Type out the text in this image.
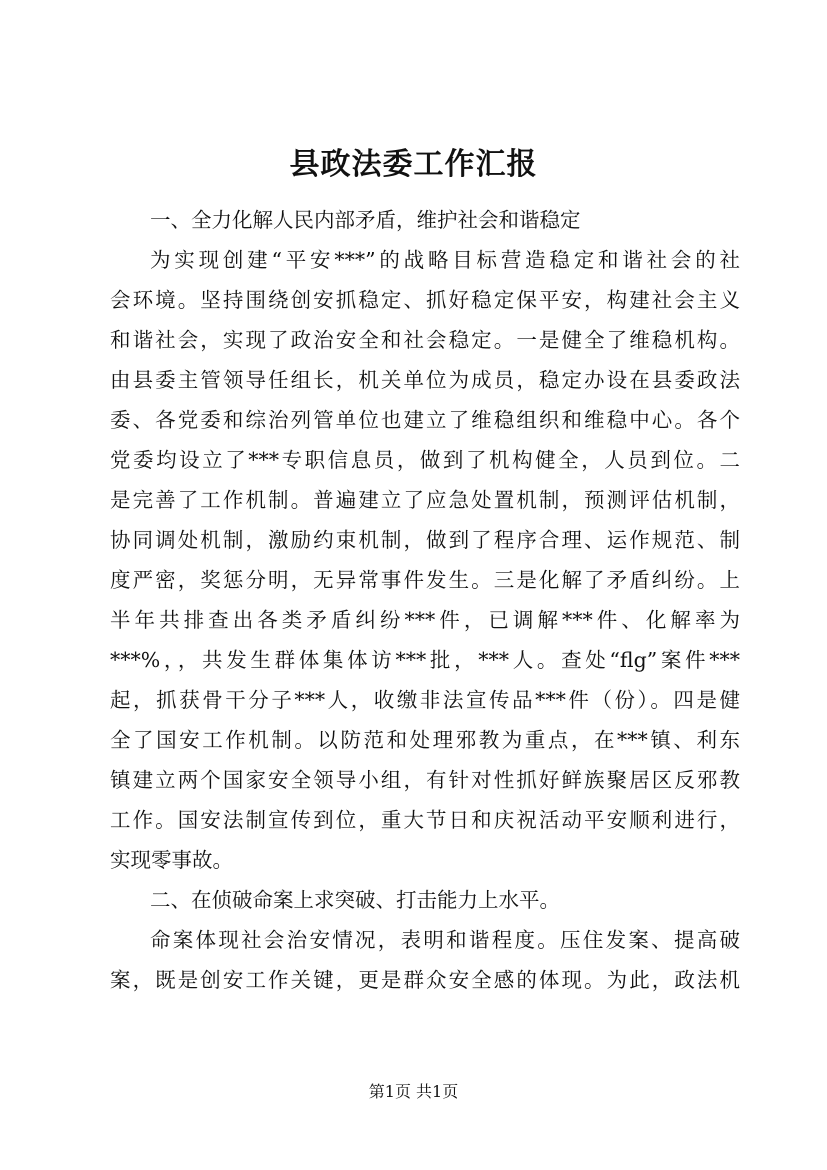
县政法委工作汇报

一、全力化解人民内部矛盾，维护社会和谐稳定

为实现创建“平安***”的战略目标营造稳定和谐社会的社

会环境。坚持围绕创安抓稳定、抓好稳定保平安，构建社会主义

和谐社会，实现了政治安全和社会稳定。一是健全了维稳机构。

由县委主管领导任组长，机关单位为成员，稳定办设在县委政法

委、各党委和综治列管单位也建立了维稳组织和维稳中心。各个

党委均设立了***专职信息员，做到了机构健全，人员到位。二

是完善了工作机制。普遍建立了应急处置机制，预测评估机制，

协同调处机制，激励约束机制，做到了程序合理、运作规范、制

度严密，奖惩分明，无异常事件发生。三是化解了矛盾纠纷。上

半年共排查出各类矛盾纠纷***件，已调解***件、化解率为

***%，，共发生群体集体访***批，***人。查处“flg”案件***

起，抓获骨干分子***人，收缴非法宣传品***件（份）。四是健

全了国安工作机制。以防范和处理邪教为重点，在***镇、利东

镇建立两个国家安全领导小组，有针对性抓好鲜族聚居区反邪教

工作。国安法制宣传到位，重大节日和庆祝活动平安顺利进行，

实现零事故。

二、在侦破命案上求突破、打击能力上水平。

命案体现社会治安情况，表明和谐程度。压住发案、提高破

案，既是创安工作关键，更是群众安全感的体现。为此，政法机

第1页 共1页
